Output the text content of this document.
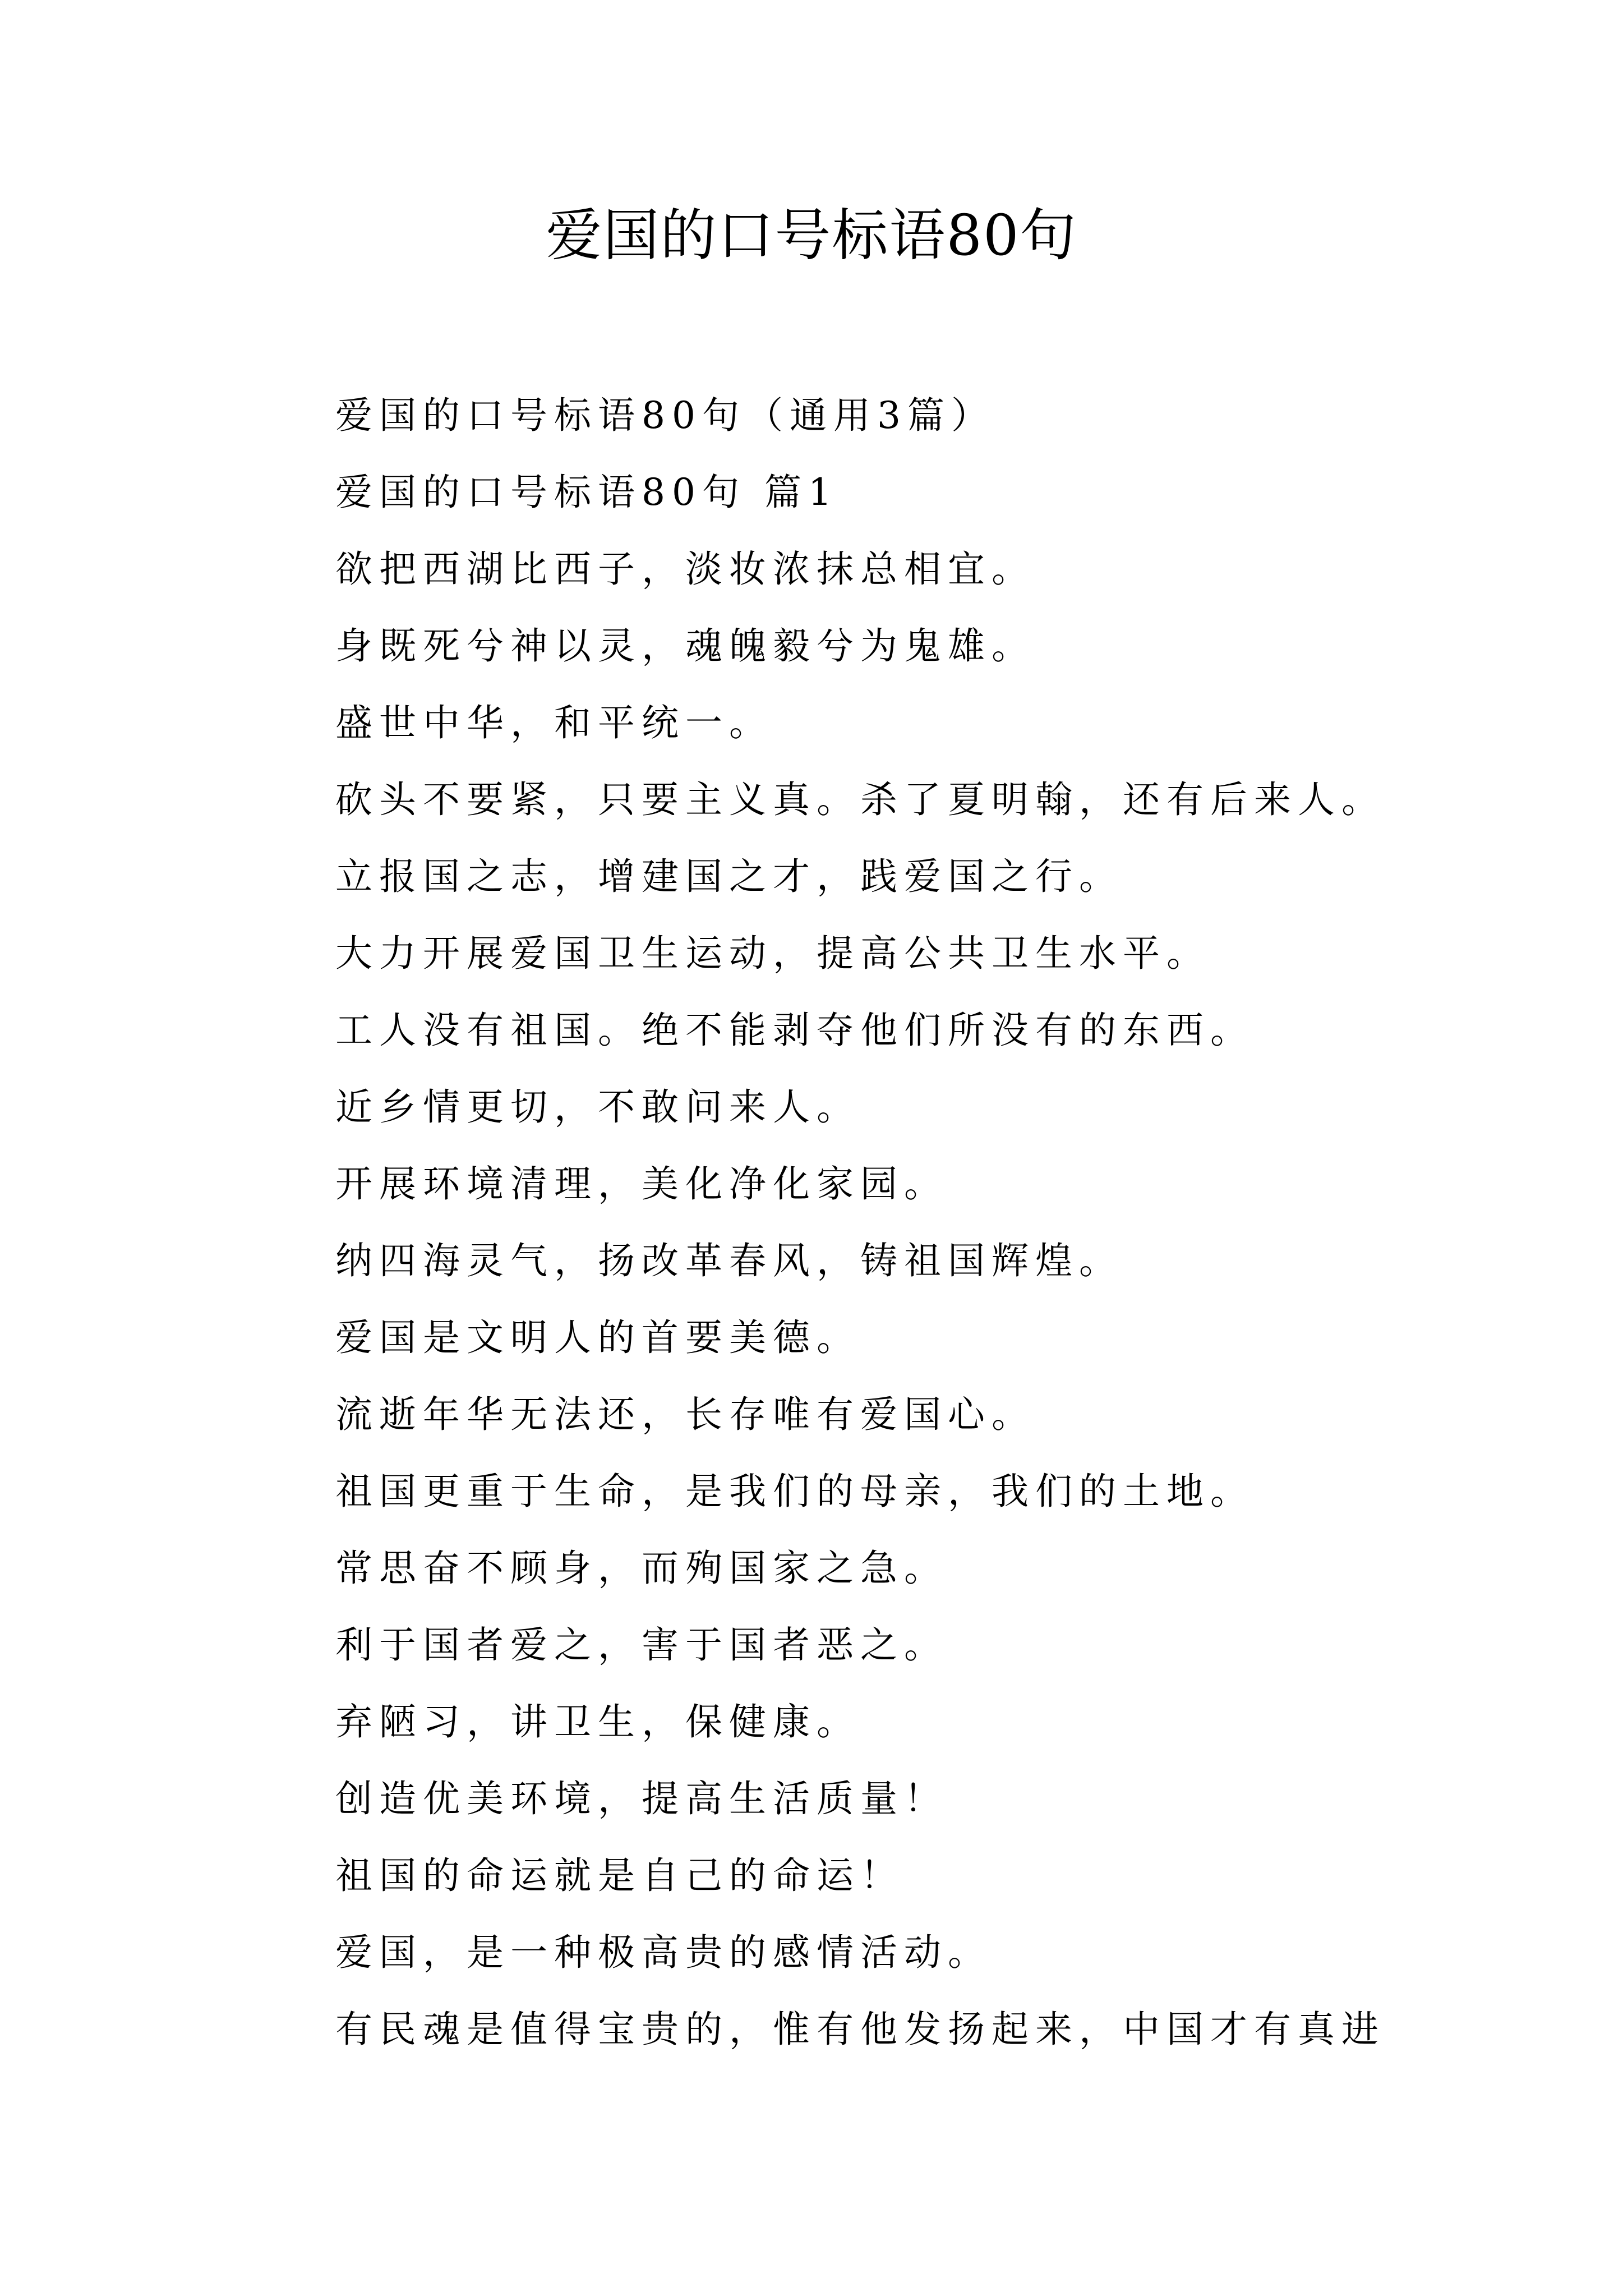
爱国的口号标语80句
爱国的口号标语80句（通用3篇）
爱国的口号标语80句 篇1
欲把西湖比西子，淡妆浓抹总相宜。
身既死兮神以灵，魂魄毅兮为鬼雄。
盛世中华，和平统一。
砍头不要紧，只要主义真。杀了夏明翰，还有后来人。
立报国之志，增建国之才，践爱国之行。
大力开展爱国卫生运动，提高公共卫生水平。
工人没有祖国。绝不能剥夺他们所没有的东西。
近乡情更切，不敢问来人。
开展环境清理，美化净化家园。
纳四海灵气，扬改革春风，铸祖国辉煌。
爱国是文明人的首要美德。
流逝年华无法还，长存唯有爱国心。
祖国更重于生命，是我们的母亲，我们的土地。
常思奋不顾身，而殉国家之急。
利于国者爱之，害于国者恶之。
弃陋习，讲卫生，保健康。
创造优美环境，提高生活质量！
祖国的命运就是自己的命运！
爱国，是一种极高贵的感情活动。
有民魂是值得宝贵的，惟有他发扬起来，中国才有真进
